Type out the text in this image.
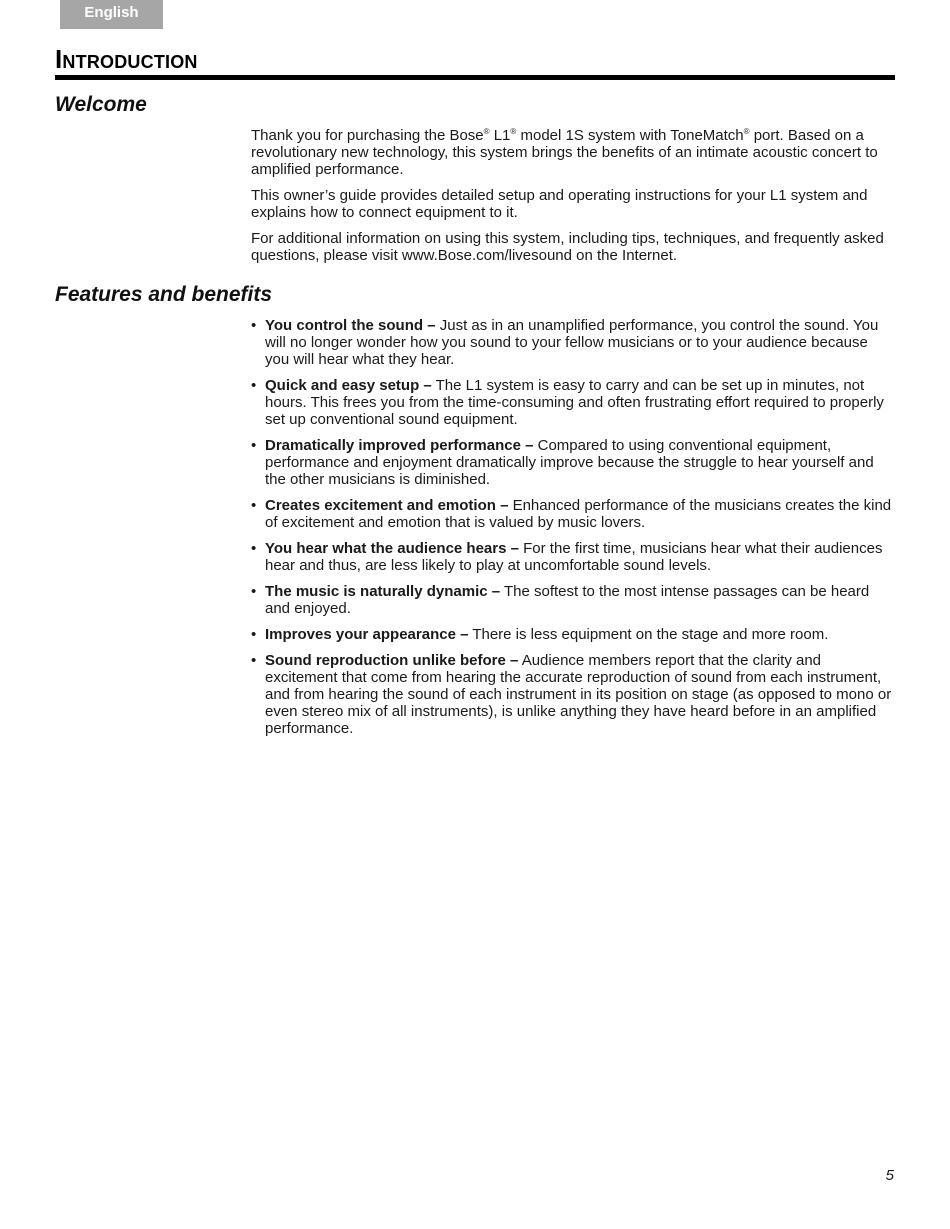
English
Introduction
Welcome

Thank you for purchasing the Bose® L1® model 1S system with ToneMatch® port. Based on a revolutionary new technology, this system brings the benefits of an intimate acoustic concert to amplified performance.

This owner’s guide provides detailed setup and operating instructions for your L1 system and explains how to connect equipment to it.

For additional information on using this system, including tips, techniques, and frequently asked questions, please visit www.Bose.com/livesound on the Internet.

Features and benefits
• You control the sound – Just as in an unamplified performance, you control the sound. You will no longer wonder how you sound to your fellow musicians or to your audience because you will hear what they hear.
• Quick and easy setup – The L1 system is easy to carry and can be set up in minutes, not hours. This frees you from the time-consuming and often frustrating effort required to properly set up conventional sound equipment.
• Dramatically improved performance – Compared to using conventional equipment, performance and enjoyment dramatically improve because the struggle to hear yourself and the other musicians is diminished.
• Creates excitement and emotion – Enhanced performance of the musicians creates the kind of excitement and emotion that is valued by music lovers.
• You hear what the audience hears – For the first time, musicians hear what their audiences hear and thus, are less likely to play at uncomfortable sound levels.
• The music is naturally dynamic – The softest to the most intense passages can be heard and enjoyed.
• Improves your appearance – There is less equipment on the stage and more room.
• Sound reproduction unlike before – Audience members report that the clarity and excitement that come from hearing the accurate reproduction of sound from each instrument, and from hearing the sound of each instrument in its position on stage (as opposed to mono or even stereo mix of all instruments), is unlike anything they have heard before in an amplified performance.
5
